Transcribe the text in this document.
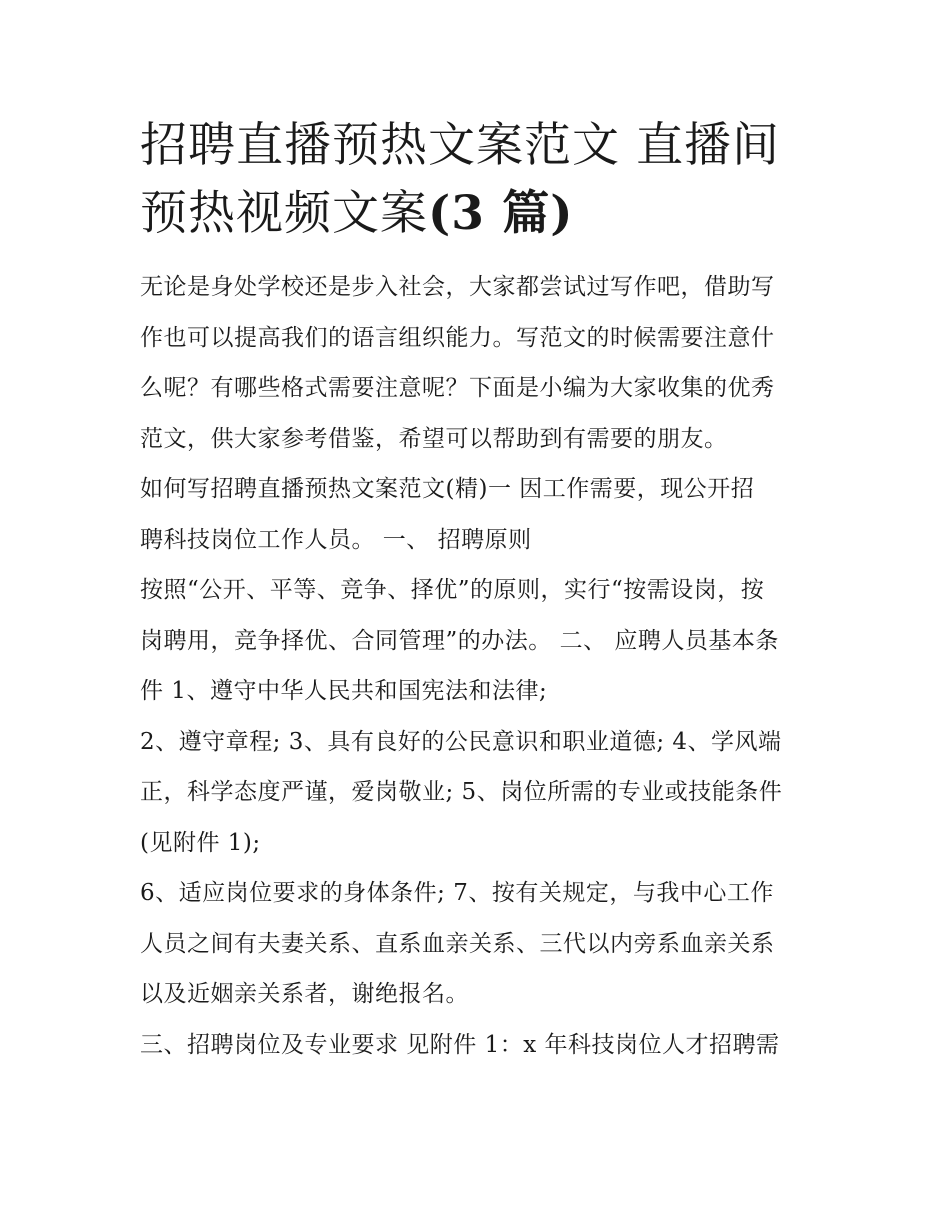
招聘直播预热文案范文 直播间
预热视频文案(3 篇)

无论是身处学校还是步入社会，大家都尝试过写作吧，借助写

作也可以提高我们的语言组织能力。写范文的时候需要注意什

么呢？有哪些格式需要注意呢？下面是小编为大家收集的优秀

范文，供大家参考借鉴，希望可以帮助到有需要的朋友。

如何写招聘直播预热文案范文(精)一 因工作需要，现公开招

聘科技岗位工作人员。 一、 招聘原则

按照“公开、平等、竞争、择优”的原则，实行“按需设岗，按

岗聘用，竞争择优、合同管理”的办法。 二、 应聘人员基本条

件 1、遵守中华人民共和国宪法和法律;

2、遵守章程; 3、具有良好的公民意识和职业道德; 4、学风端

正，科学态度严谨，爱岗敬业; 5、岗位所需的专业或技能条件

(见附件 1);

6、适应岗位要求的身体条件; 7、按有关规定，与我中心工作

人员之间有夫妻关系、直系血亲关系、三代以内旁系血亲关系

以及近姻亲关系者，谢绝报名。

三、招聘岗位及专业要求 见附件 1：x 年科技岗位人才招聘需
